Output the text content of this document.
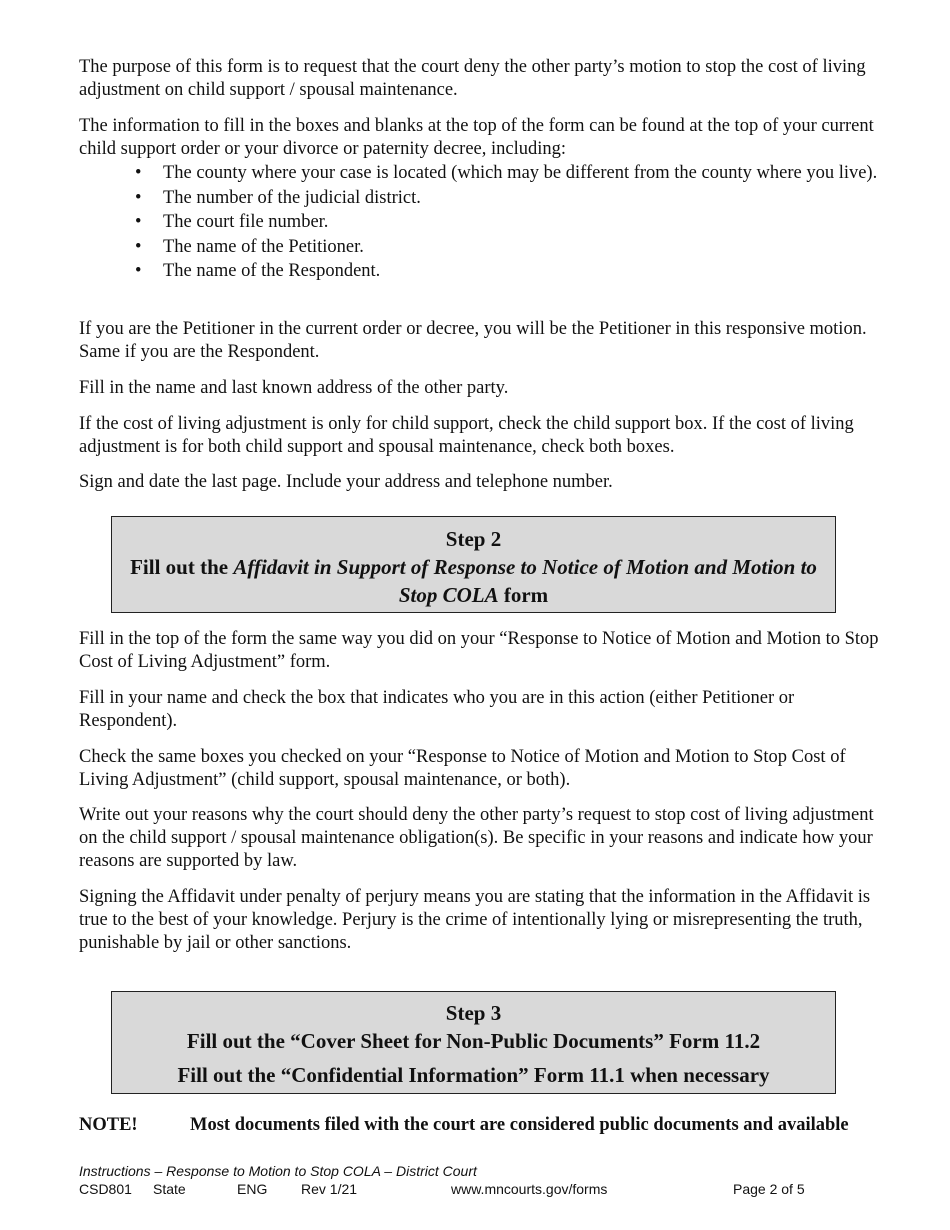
The purpose of this form is to request that the court deny the other party’s motion to stop the cost of living adjustment on child support / spousal maintenance.

The information to fill in the boxes and blanks at the top of the form can be found at the top of your current child support order or your divorce or paternity decree, including:

• The county where your case is located (which may be different from the county where you live).
• The number of the judicial district.
• The court file number.
• The name of the Petitioner.
• The name of the Respondent.

If you are the Petitioner in the current order or decree, you will be the Petitioner in this responsive motion. Same if you are the Respondent.

Fill in the name and last known address of the other party.

If the cost of living adjustment is only for child support, check the child support box. If the cost of living adjustment is for both child support and spousal maintenance, check both boxes.

Sign and date the last page. Include your address and telephone number.

Step 2
Fill out the Affidavit in Support of Response to Notice of Motion and Motion to Stop COLA form

Fill in the top of the form the same way you did on your “Response to Notice of Motion and Motion to Stop Cost of Living Adjustment” form.

Fill in your name and check the box that indicates who you are in this action (either Petitioner or Respondent).

Check the same boxes you checked on your “Response to Notice of Motion and Motion to Stop Cost of Living Adjustment” (child support, spousal maintenance, or both).

Write out your reasons why the court should deny the other party’s request to stop cost of living adjustment on the child support / spousal maintenance obligation(s). Be specific in your reasons and indicate how your reasons are supported by law.

Signing the Affidavit under penalty of perjury means you are stating that the information in the Affidavit is true to the best of your knowledge. Perjury is the crime of intentionally lying or misrepresenting the truth, punishable by jail or other sanctions.

Step 3
Fill out the “Cover Sheet for Non-Public Documents” Form 11.2
Fill out the “Confidential Information” Form 11.1 when necessary
NOTE!	Most documents filed with the court are considered public documents and available
Instructions – Response to Motion to Stop COLA – District Court
CSD801 State	ENG Rev 1/21	www.mncourts.gov/forms	Page 2 of 5
